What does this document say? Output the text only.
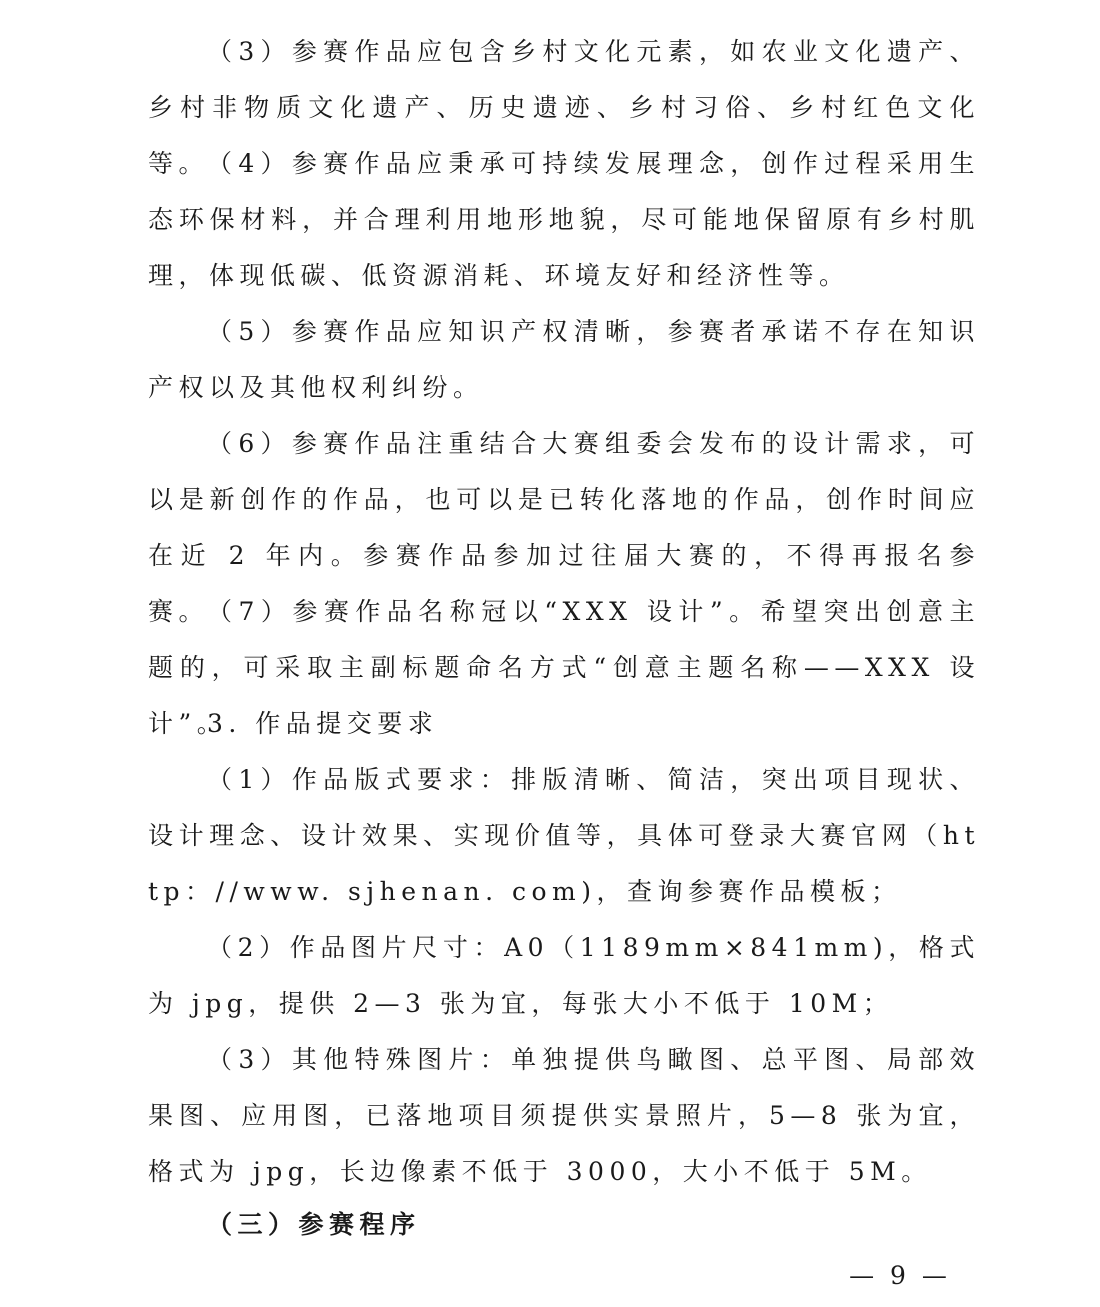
（3）参赛作品应包含乡村文化元素，如农业文化遗产、乡村非物质文化遗产、历史遗迹、乡村习俗、乡村红色文化等。

（4）参赛作品应秉承可持续发展理念，创作过程采用生态环保材料，并合理利用地形地貌，尽可能地保留原有乡村肌理，体现低碳、低资源消耗、环境友好和经济性等。

（5）参赛作品应知识产权清晰，参赛者承诺不存在知识产权以及其他权利纠纷。

（6）参赛作品注重结合大赛组委会发布的设计需求，可以是新创作的作品，也可以是已转化落地的作品，创作时间应在近 2 年内。参赛作品参加过往届大赛的，不得再报名参赛。

（7）参赛作品名称冠以“XXX 设计”。希望突出创意主题的，可采取主副标题命名方式“创意主题名称——XXX 设计”。

3. 作品提交要求

（1）作品版式要求：排版清晰、简洁，突出项目现状、设计理念、设计效果、实现价值等，具体可登录大赛官网（http：//www. sjhenan. com)，查询参赛作品模板；

（2）作品图片尺寸：A0（1189mm×841mm)，格式为 jpg，提供 2—3 张为宜，每张大小不低于 10M；

（3）其他特殊图片：单独提供鸟瞰图、总平图、局部效果图、应用图，已落地项目须提供实景照片，5—8 张为宜，格式为 jpg，长边像素不低于 3000，大小不低于 5M。

（三）参赛程序

— 9 —
